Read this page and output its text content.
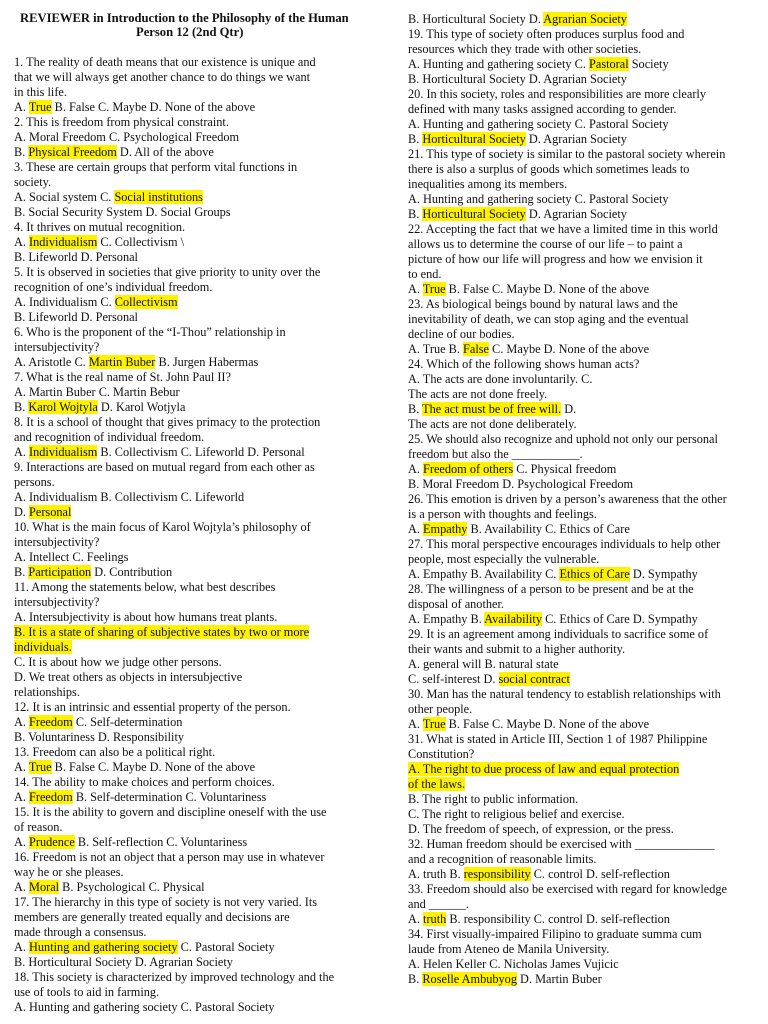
REVIEWER in Introduction to the Philosophy of the Human
Person 12 (2nd Qtr)
1. The reality of death means that our existence is unique and
that we will always get another chance to do things we want
in this life.
A. True B. False C. Maybe D. None of the above
2. This is freedom from physical constraint.
A. Moral Freedom C. Psychological Freedom
B. Physical Freedom D. All of the above
3. These are certain groups that perform vital functions in
society.
A. Social system C. Social institutions
B. Social Security System D. Social Groups
4. It thrives on mutual recognition.
A. Individualism C. Collectivism \
B. Lifeworld D. Personal
5. It is observed in societies that give priority to unity over the
recognition of one’s individual freedom.
A. Individualism C. Collectivism
B. Lifeworld D. Personal
6. Who is the proponent of the “I-Thou” relationship in
intersubjectivity?
A. Aristotle C. Martin Buber B. Jurgen Habermas
7. What is the real name of St. John Paul II?
A. Martin Buber C. Martin Bebur
B. Karol Wojtyla D. Karol Wotjyla
8. It is a school of thought that gives primacy to the protection
and recognition of individual freedom.
A. Individualism B. Collectivism C. Lifeworld D. Personal
9. Interactions are based on mutual regard from each other as
persons.
A. Individualism B. Collectivism C. Lifeworld
D. Personal
10. What is the main focus of Karol Wojtyla’s philosophy of
intersubjectivity?
A. Intellect C. Feelings
B. Participation D. Contribution
11. Among the statements below, what best describes
intersubjectivity?
A. Intersubjectivity is about how humans treat plants.
B. It is a state of sharing of subjective states by two or more
individuals.
C. It is about how we judge other persons.
D. We treat others as objects in intersubjective
relationships.
12. It is an intrinsic and essential property of the person.
A. Freedom C. Self-determination
B. Voluntariness D. Responsibility
13. Freedom can also be a political right.
A. True B. False C. Maybe D. None of the above
14. The ability to make choices and perform choices.
A. Freedom B. Self-determination C. Voluntariness
15. It is the ability to govern and discipline oneself with the use
of reason.
A. Prudence B. Self-reflection C. Voluntariness
16. Freedom is not an object that a person may use in whatever
way he or she pleases.
A. Moral B. Psychological C. Physical
17. The hierarchy in this type of society is not very varied. Its
members are generally treated equally and decisions are
made through a consensus.
A. Hunting and gathering society C. Pastoral Society
B. Horticultural Society D. Agrarian Society
18. This society is characterized by improved technology and the
use of tools to aid in farming.
A. Hunting and gathering society C. Pastoral Society
B. Horticultural Society D. Agrarian Society
19. This type of society often produces surplus food and
resources which they trade with other societies.
A. Hunting and gathering society C. Pastoral Society
B. Horticultural Society D. Agrarian Society
20. In this society, roles and responsibilities are more clearly
defined with many tasks assigned according to gender.
A. Hunting and gathering society C. Pastoral Society
B. Horticultural Society D. Agrarian Society
21. This type of society is similar to the pastoral society wherein
there is also a surplus of goods which sometimes leads to
inequalities among its members.
A. Hunting and gathering society C. Pastoral Society
B. Horticultural Society D. Agrarian Society
22. Accepting the fact that we have a limited time in this world
allows us to determine the course of our life – to paint a
picture of how our life will progress and how we envision it
to end.
A. True B. False C. Maybe D. None of the above
23. As biological beings bound by natural laws and the
inevitability of death, we can stop aging and the eventual
decline of our bodies.
A. True B. False C. Maybe D. None of the above
24. Which of the following shows human acts?
A. The acts are done involuntarily. C.
The acts are not done freely.
B. The act must be of free will. D.
The acts are not done deliberately.
25. We should also recognize and uphold not only our personal
freedom but also the ___________.
A. Freedom of others C. Physical freedom
B. Moral Freedom D. Psychological Freedom
26. This emotion is driven by a person’s awareness that the other
is a person with thoughts and feelings.
A. Empathy B. Availability C. Ethics of Care
27. This moral perspective encourages individuals to help other
people, most especially the vulnerable.
A. Empathy B. Availability C. Ethics of Care D. Sympathy
28. The willingness of a person to be present and be at the
disposal of another.
A. Empathy B. Availability C. Ethics of Care D. Sympathy
29. It is an agreement among individuals to sacrifice some of
their wants and submit to a higher authority.
A. general will B. natural state
C. self-interest D. social contract
30. Man has the natural tendency to establish relationships with
other people.
A. True B. False C. Maybe D. None of the above
31. What is stated in Article III, Section 1 of 1987 Philippine
Constitution?
A. The right to due process of law and equal protection
of the laws.
B. The right to public information.
C. The right to religious belief and exercise.
D. The freedom of speech, of expression, or the press.
32. Human freedom should be exercised with _____________
and a recognition of reasonable limits.
A. truth B. responsibility C. control D. self-reflection
33. Freedom should also be exercised with regard for knowledge
and ______.
A. truth B. responsibility C. control D. self-reflection
34. First visually-impaired Filipino to graduate summa cum
laude from Ateneo de Manila University.
A. Helen Keller C. Nicholas James Vujicic
B. Roselle Ambubyog D. Martin Buber
